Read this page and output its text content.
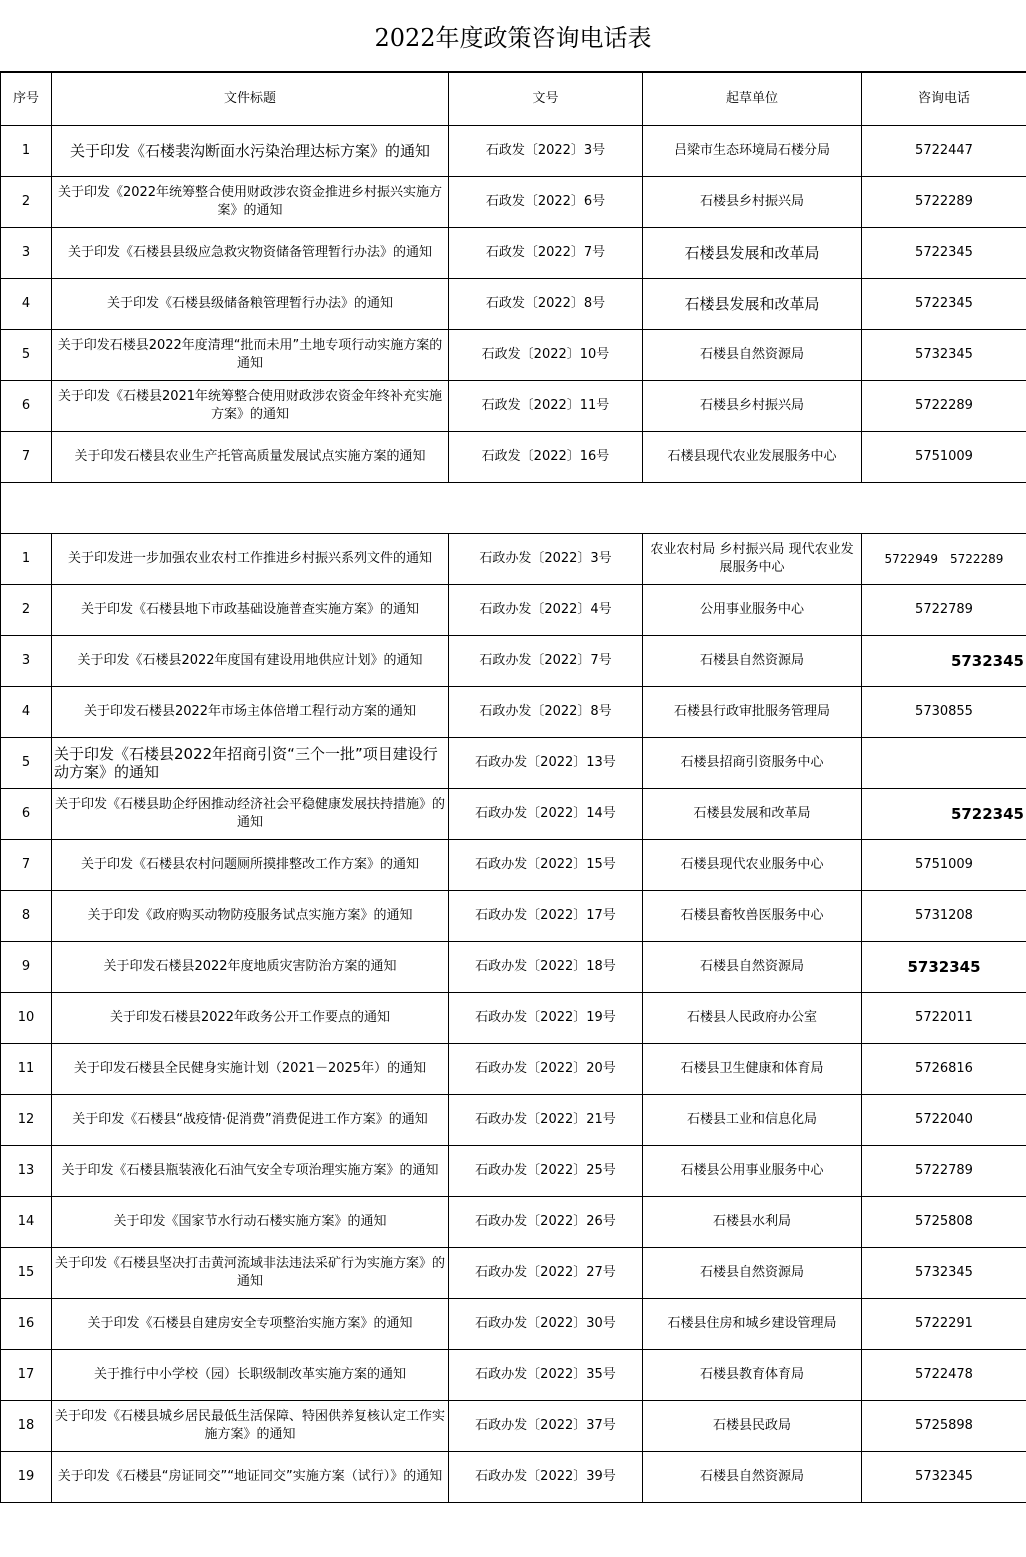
2022年度政策咨询电话表
序号	文件标题	文号	起草单位	咨询电话
1	关于印发《石楼裴沟断面水污染治理达标方案》的通知	石政发〔2022〕3号	吕梁市生态环境局石楼分局	5722447
2	关于印发《2022年统筹整合使用财政涉农资金推进乡村振兴实施方案》的通知	石政发〔2022〕6号	石楼县乡村振兴局	5722289
3	关于印发《石楼县县级应急救灾物资储备管理暂行办法》的通知	石政发〔2022〕7号	石楼县发展和改革局	5722345
4	关于印发《石楼县级储备粮管理暂行办法》的通知	石政发〔2022〕8号	石楼县发展和改革局	5722345
5	关于印发石楼县2022年度清理“批而未用”土地专项行动实施方案的通知	石政发〔2022〕10号	石楼县自然资源局	5732345
6	关于印发《石楼县2021年统筹整合使用财政涉农资金年终补充实施方案》的通知	石政发〔2022〕11号	石楼县乡村振兴局	5722289
7	关于印发石楼县农业生产托管高质量发展试点实施方案的通知	石政发〔2022〕16号	石楼县现代农业发展服务中心	5751009

1	关于印发进一步加强农业农村工作推进乡村振兴系列文件的通知	石政办发〔2022〕3号	农业农村局 乡村振兴局 现代农业发展服务中心	5722949　5722289
2	关于印发《石楼县地下市政基础设施普查实施方案》的通知	石政办发〔2022〕4号	公用事业服务中心	5722789
3	关于印发《石楼县2022年度国有建设用地供应计划》的通知	石政办发〔2022〕7号	石楼县自然资源局	5732345
4	关于印发石楼县2022年市场主体倍增工程行动方案的通知	石政办发〔2022〕8号	石楼县行政审批服务管理局	5730855
5	关于印发《石楼县2022年招商引资“三个一批”项目建设行动方案》的通知	石政办发〔2022〕13号	石楼县招商引资服务中心	
6	关于印发《石楼县助企纾困推动经济社会平稳健康发展扶持措施》的通知	石政办发〔2022〕14号	石楼县发展和改革局	5722345
7	关于印发《石楼县农村问题厕所摸排整改工作方案》的通知	石政办发〔2022〕15号	石楼县现代农业服务中心	5751009
8	关于印发《政府购买动物防疫服务试点实施方案》的通知	石政办发〔2022〕17号	石楼县畜牧兽医服务中心	5731208
9	关于印发石楼县2022年度地质灾害防治方案的通知	石政办发〔2022〕18号	石楼县自然资源局	5732345
10	关于印发石楼县2022年政务公开工作要点的通知	石政办发〔2022〕19号	石楼县人民政府办公室	5722011
11	关于印发石楼县全民健身实施计划（2021－2025年）的通知	石政办发〔2022〕20号	石楼县卫生健康和体育局	5726816
12	关于印发《石楼县“战疫情·促消费”消费促进工作方案》的通知	石政办发〔2022〕21号	石楼县工业和信息化局	5722040
13	关于印发《石楼县瓶装液化石油气安全专项治理实施方案》的通知	石政办发〔2022〕25号	石楼县公用事业服务中心	5722789
14	关于印发《国家节水行动石楼实施方案》的通知	石政办发〔2022〕26号	石楼县水利局	5725808
15	关于印发《石楼县坚决打击黄河流域非法违法采矿行为实施方案》的通知	石政办发〔2022〕27号	石楼县自然资源局	5732345
16	关于印发《石楼县自建房安全专项整治实施方案》的通知	石政办发〔2022〕30号	石楼县住房和城乡建设管理局	5722291
17	关于推行中小学校（园）长职级制改革实施方案的通知	石政办发〔2022〕35号	石楼县教育体育局	5722478
18	关于印发《石楼县城乡居民最低生活保障、特困供养复核认定工作实施方案》的通知	石政办发〔2022〕37号	石楼县民政局	5725898
19	关于印发《石楼县“房证同交”“地证同交”实施方案（试行）》的通知	石政办发〔2022〕39号	石楼县自然资源局	5732345
